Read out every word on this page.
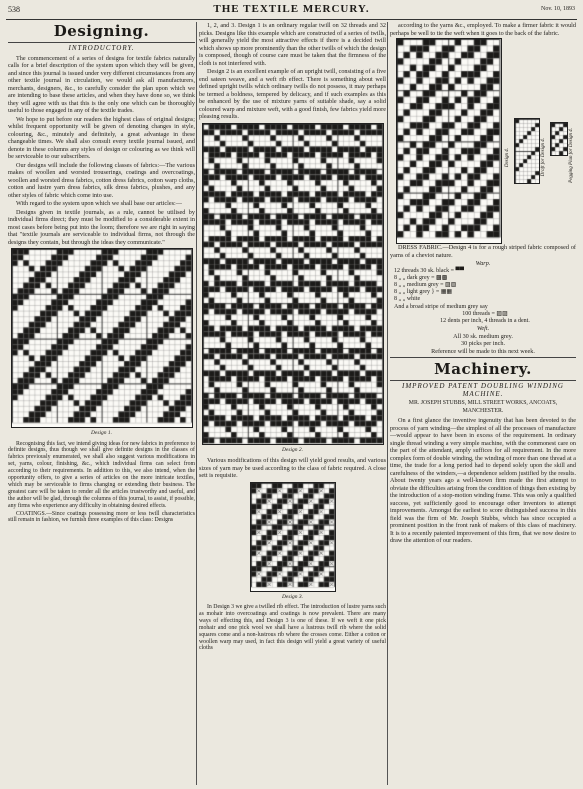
538	THE TEXTILE MERCURY.	Nov. 10, 1893
Designing.
INTRODUCTORY.

The commencement of a series of designs for textile fabrics naturally calls for a brief description of the system upon which they will be given, and since this journal is issued under very different circumstances from any other textile journal in circulation, we would ask all manufacturers, merchants, designers, &c., to carefully consider the plan upon which we are intending to base these articles, and when they have done so, we think they will agree with us that this is the only one which can be thoroughly useful to those engaged in any of the textile trades.

We hope to put before our readers the highest class of original designs; whilst frequent opportunity will be given of denoting changes in style, colouring, &c., minutely and definitely, a great advantage in these changeable times. We shall also consult every textile journal issued, and denote in these columns any styles of design or colouring as we think will be serviceable to our subscribers.

Our designs will include the following classes of fabrics:—The various makes of woollen and worsted trouserings, coatings and overcoatings, woollen and worsted dress fabrics, cotton dress fabrics, cotton warp cloths, cotton and lustre yarn dress fabrics, silk dress fabrics, plushes, and any other styles of fabric which come into use.

With regard to the system upon which we shall base our articles:—

Designs given in textile journals, as a rule, cannot be utilised by individual firms direct; they must be modified to a considerable extent in most cases before being put into the loom; therefore we are right in saying that "textile journals are serviceable to individual firms, not through the designs they contain, but through the ideas they communicate."

Design 1.

Recognising this fact, we intend giving ideas for new fabrics in preference to definite designs, thus though we shall give definite designs in the classes of fabrics previously enumerated, we shall also suggest various modifications in set, yarns, colour, finishing, &c., which individual firms can select from according to their requirements. In addition to this, we also intend, when the opportunity offers, to give a series of articles on the more intricate textiles, which may be serviceable to firms changing or extending their business. The greatest care will be taken to render all the articles trustworthy and useful, and the author will be glad, through the columns of this journal, to assist, if possible, any firms who experience any difficulty in obtaining desired effects.

COATINGS.—Since coatings possessing more or less twill characteristics still remain in fashion, we furnish three examples of this class: Designs

1, 2, and 3. Design 1 is an ordinary regular twill on 32 threads and 32 picks. Designs like this example which are constructed of a series of twills, will generally yield the most attractive effects if there is a decided twill which shows up more prominently than the other twills of which the design is composed, though of course care must be taken that the firmness of the cloth is not interfered with.

Design 2 is an excellent example of an upright twill, consisting of a five end sateen weave, and a weft rib effect. There is something about well defined upright twills which ordinary twills do not possess, it may perhaps be termed a boldness, tempered by delicacy, and if such examples as this be enhanced by the use of mixture yarns of suitable shade, say a solid coloured warp and mixture weft, with a good finish, few fabrics yield more pleasing results.

Design 2.

Various modifications of this design will yield good results, and various sizes of yarn may be used according to the class of fabric required. A close sett is requisite.

Design 3.

In Design 3 we give a twilled rib effect. The introduction of lustre yarns such as mohair into overcoatings and coatings is now prevalent. There are many ways of effecting this, and Design 3 is one of these. If we weft it one pick mohair and one pick wool we shall have a lustrous twill rib where the solid squares come and a non-lustrous rib where the crosses come. Either a cotton or woollen warp may used, in fact this design will yield a great variety of useful cloths

according to the yarns &c., employed. To make a firmer fabric it would perhaps be well to tie the weft when it goes to the back of the fabric.

Design 4.	Draft for Design 4.	Pegging Plan for Design 4.

DRESS FABRIC.—Design 4 is for a rough striped fabric composed of yarns of a cheviot nature.

Warp.
12 threads 30 sk. black = ▀▀
8 „ „ dark grey = ▩▩
8 „ „ medium grey = ▨▨
8 „ „ light grey } = ▦▦
8 „ „ white
And a broad stripe of medium grey say
100 threads = ▨▨
12 dents per inch, 4 threads in a dent.
Weft.
All 30 sk. medium grey.
30 picks per inch.
Reference will be made to this next week.
Machinery.
IMPROVED PATENT DOUBLING WINDING MACHINE.
MR. JOSEPH STUBBS, MILL STREET WORKS, ANCOATS, MANCHESTER.

On a first glance the inventive ingenuity that has been devoted to the process of yarn winding—the simplest of all the processes of manufacture—would appear to have been in excess of the requirement. In ordinary single thread winding a very simple machine, with the commonest care on the part of the attendant, amply suffices for all requirement. In the more complex form of double winding, the winding of more than one thread at a time, the trade for a long period had to depend solely upon the skill and carefulness of the winders,—a dependence seldom justified by the results. About twenty years ago a well-known firm made the first attempt to obviate the difficulties arising from the condition of things then existing by the introduction of a stop-motion winding frame. This was only a qualified success, yet sufficiently good to encourage other inventors to attempt improvements. Amongst the earliest to score distinguished success in this field was the firm of Mr. Joseph Stubbs, which has since occupied a prominent position in the front rank of makers of this class of machinery. It is to a recently patented improvement of this firm, that we now desire to draw the attention of our readers.
